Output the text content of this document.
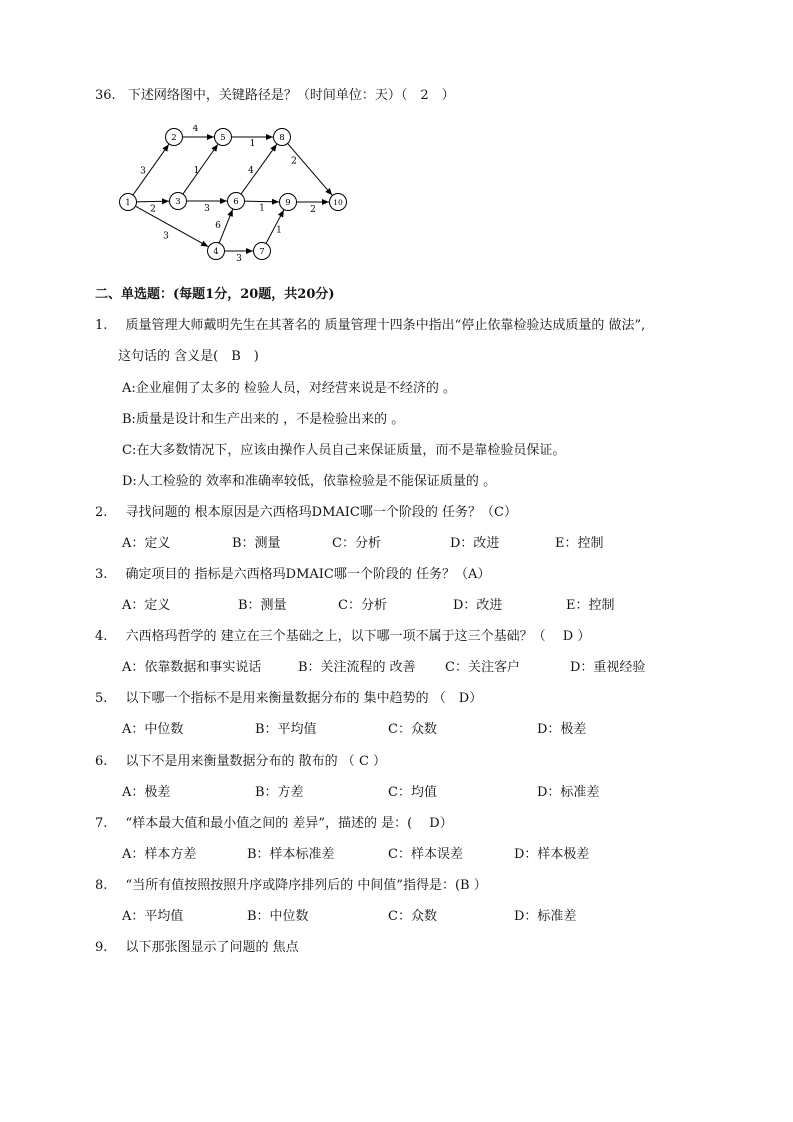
36. 下述网络图中，关键路径是？（时间单位：天）（　2　）
3
2
3
4
1
3
6
3
1
4
1
1
2
2
1
2
3
4
5
6
7
8
9	10
二、单选题：(每题1分，20题，共20分)
1. 质量管理大师戴明先生在其著名的 质量管理十四条中指出“停止依靠检验达成质量的 做法”,
这句话的 含义是(　B　)
A:企业雇佣了太多的 检验人员，对经营来说是不经济的 。
B:质量是设计和生产出来的 ，不是检验出来的 。
C:在大多数情况下，应该由操作人员自己来保证质量，而不是靠检验员保证。
D:人工检验的 效率和准确率较低，依靠检验是不能保证质量的 。
2. 寻找问题的 根本原因是六西格玛DMAIC哪一个阶段的 任务？（C）
A：定义	B：测量	C：分析	D：改进	E：控制
3. 确定项目的 指标是六西格玛DMAIC哪一个阶段的 任务？（A）
A：定义	B：测量	C：分析	D：改进	E：控制
4. 六西格玛哲学的 建立在三个基础之上，以下哪一项不属于这三个基础？（　 D ）
A：依靠数据和事实说话	B：关注流程的 改善 C：关注客户	D：重视经验
5. 以下哪一个指标不是用来衡量数据分布的 集中趋势的 （　D）
A：中位数	B：平均值	C：众数	D：极差
6. 以下不是用来衡量数据分布的 散布的 （ C ）
A：极差	B：方差	C：均值	D：标准差
7. “样本最大值和最小值之间的 差异”，描述的 是：(　 D）
A：样本方差	B：样本标准差	C：样本误差	D：样本极差
8. “当所有值按照按照升序或降序排列后的 中间值”指得是：(B ）
A：平均值	B：中位数	C：众数	D：标准差
9. 以下那张图显示了问题的 焦点
